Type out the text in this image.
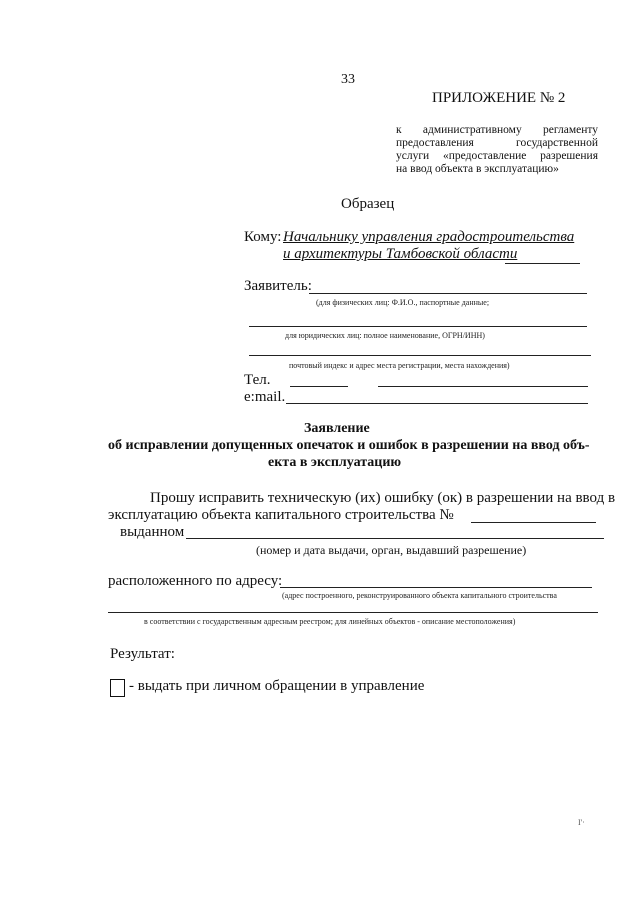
33
ПРИЛОЖЕНИЕ № 2
к административному регламенту
предоставления государственной
услуги «предоставление разрешения
на ввод объекта в эксплуатацию»
Образец
Кому: Начальнику управления градостроительства
и архитектуры Тамбовской области
Заявитель:
(для физических лиц: Ф.И.О., паспортные данные;
для юридических лиц: полное наименование, ОГРН/ИНН)
почтовый индекс и адрес места регистрации, места нахождения)
Тел.
e:mail.
Заявление
об исправлении допущенных опечаток и ошибок в разрешении на ввод объ-
екта в эксплуатацию
Прошу исправить техническую (их) ошибку (ок) в разрешении на ввод в
эксплуатацию объекта капитального строительства №
выданном
(номер и дата выдачи, орган, выдавший разрешение)
расположенного по адресу:
(адрес построенного, реконструированного объекта капитального строительства
в соответствии с государственным адресным реестром; для линейных объектов - описание местоположения)
Результат:
- выдать при личном обращении в управление
I'·
